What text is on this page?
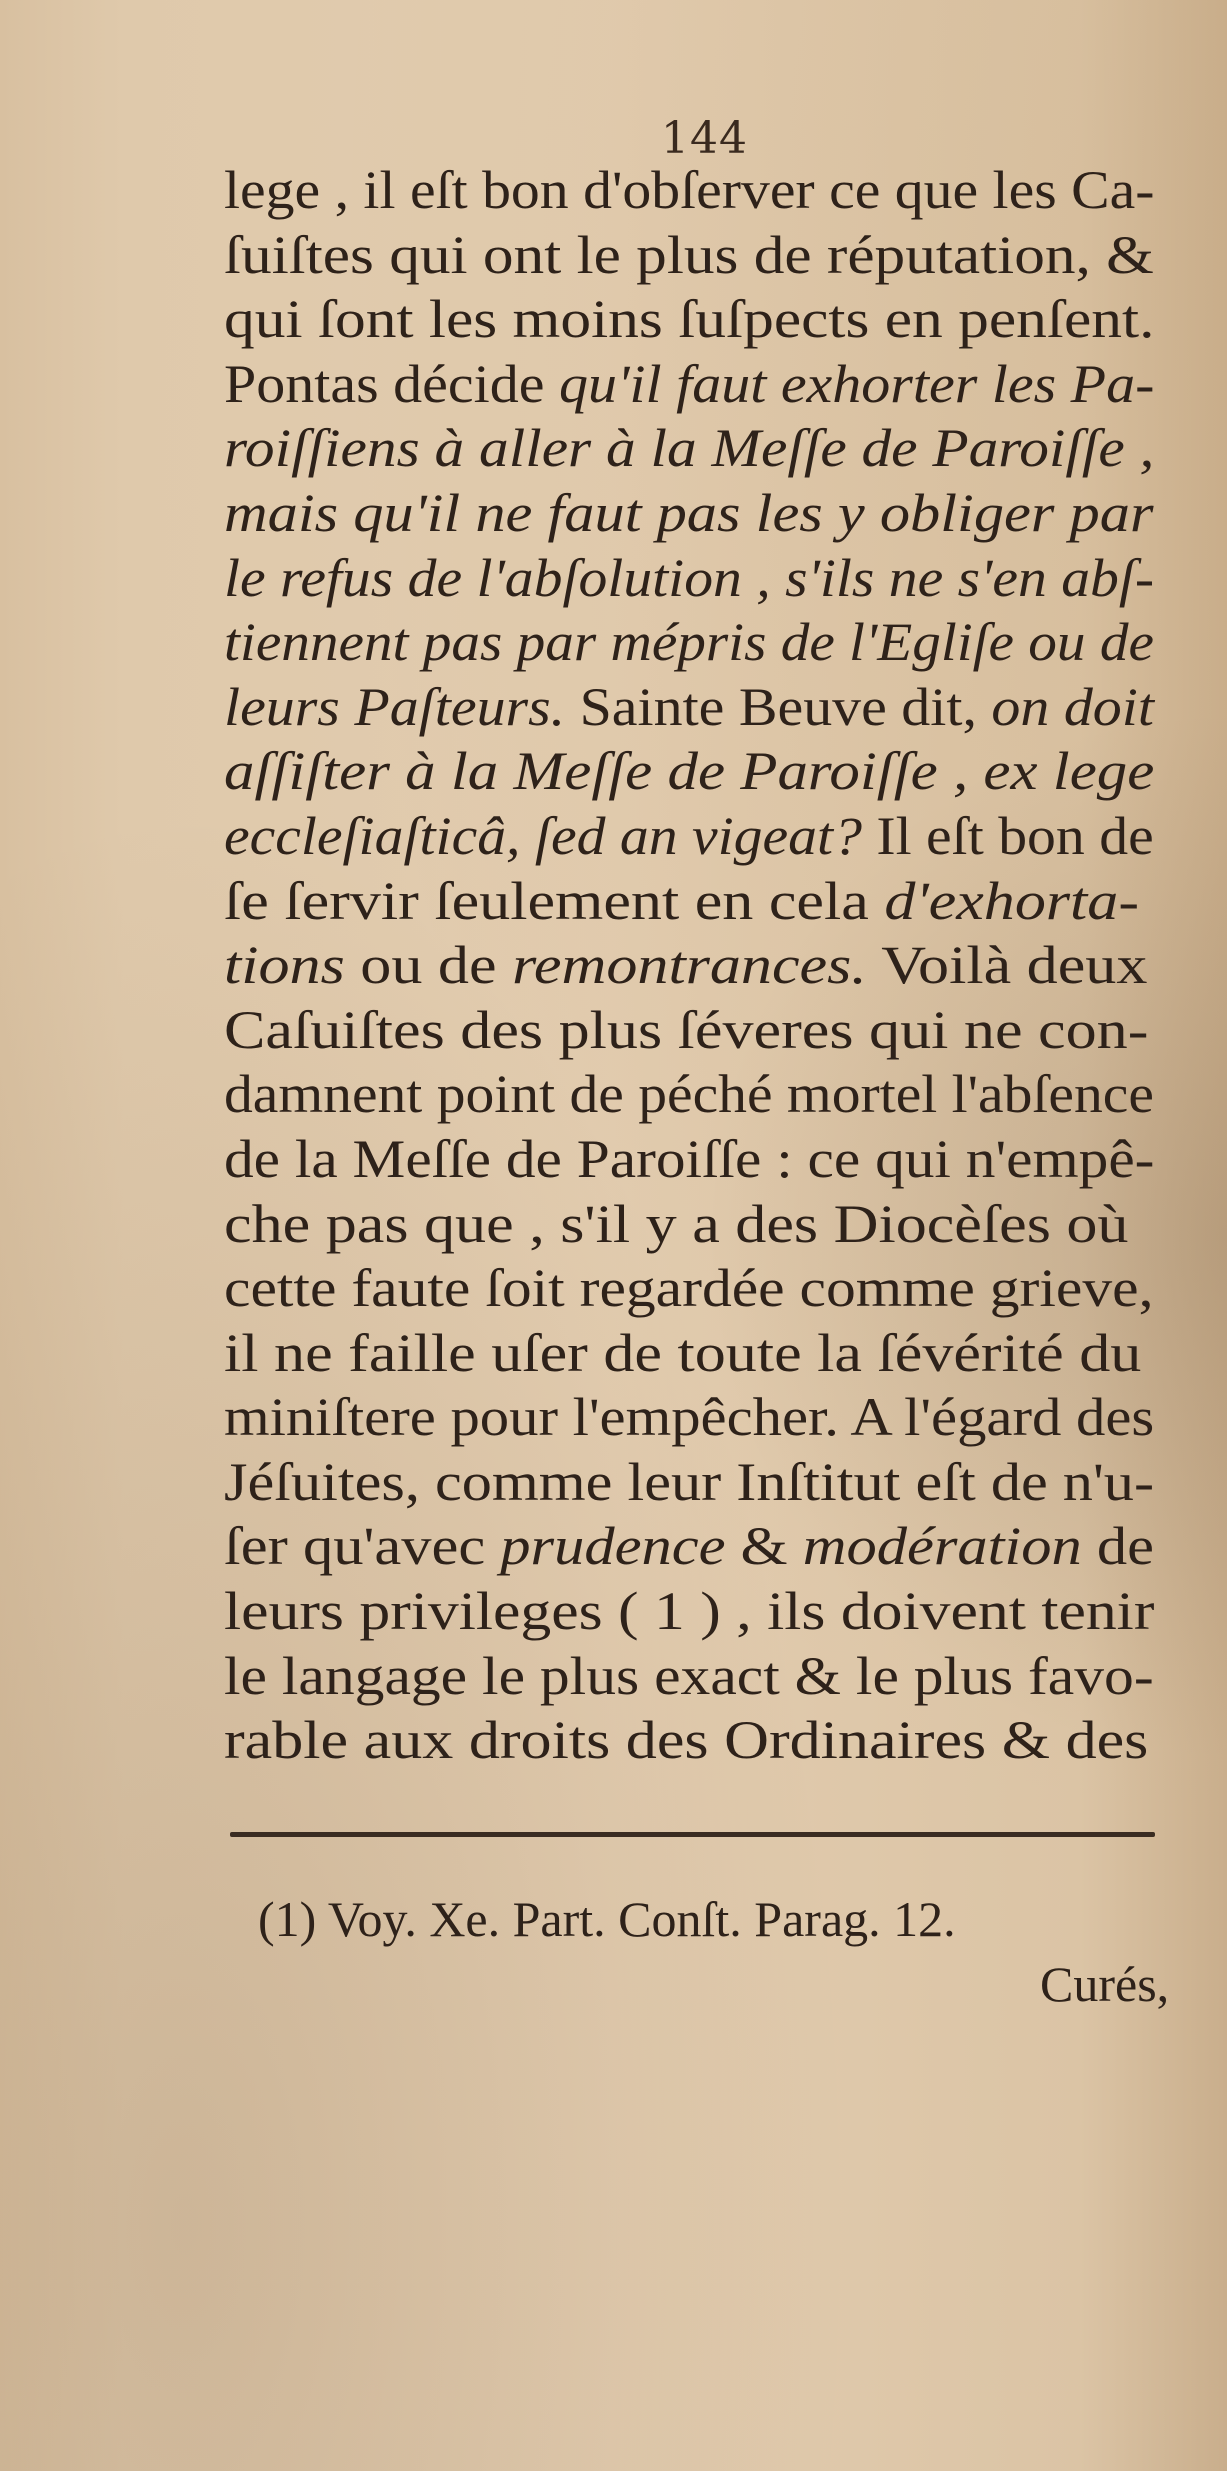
144
lege , il eſt bon d'obſerver ce que les Ca-
ſuiſtes qui ont le plus de réputation, &
qui ſont les moins ſuſpects en penſent.
Pontas décide qu'il faut exhorter les Pa-
roiſſiens à aller à la Meſſe de Paroiſſe ,
mais qu'il ne faut pas les y obliger par
le refus de l'abſolution , s'ils ne s'en abſ-
tiennent pas par mépris de l'Egliſe ou de
leurs Paſteurs. Sainte Beuve dit, on doit
aſſiſter à la Meſſe de Paroiſſe , ex lege
eccleſiaſticâ, ſed an vigeat? Il eſt bon de
ſe ſervir ſeulement en cela d'exhorta-
tions ou de remontrances. Voilà deux
Caſuiſtes des plus ſéveres qui ne con-
damnent point de péché mortel l'abſence
de la Meſſe de Paroiſſe : ce qui n'empê-
che pas que , s'il y a des Diocèſes où
cette faute ſoit regardée comme grieve,
il ne faille uſer de toute la ſévérité du
miniſtere pour l'empêcher. A l'égard des
Jéſuites, comme leur Inſtitut eſt de n'u-
ſer qu'avec prudence & modération de
leurs privileges ( 1 ) , ils doivent tenir
le langage le plus exact & le plus favo-
rable aux droits des Ordinaires & des
(1) Voy. Xe. Part. Conſt. Parag. 12.
Curés,
